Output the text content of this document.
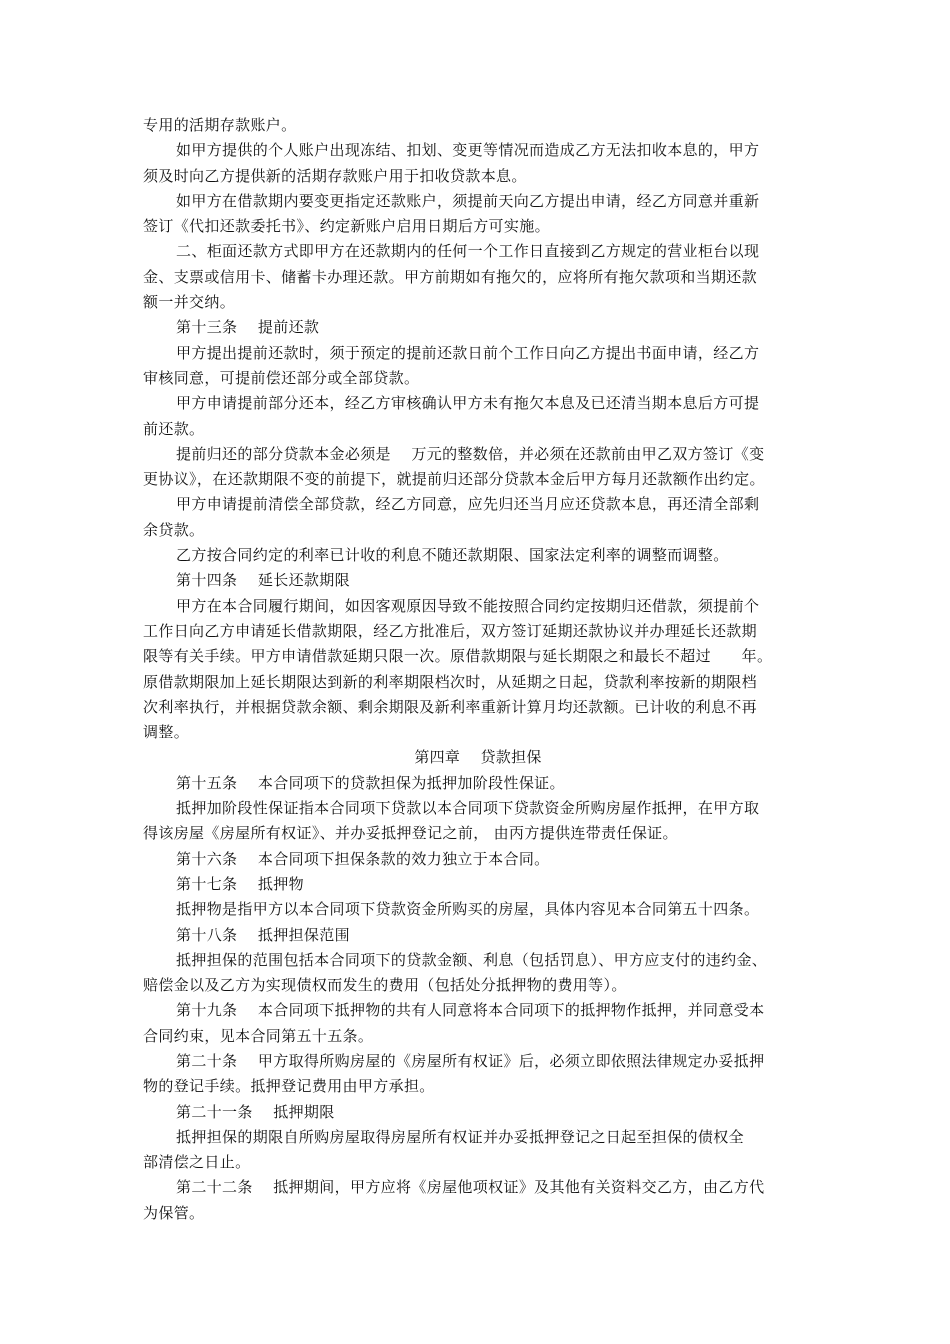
专用的活期存款账户。
如甲方提供的个人账户出现冻结、扣划、变更等情况而造成乙方无法扣收本息的，甲方
须及时向乙方提供新的活期存款账户用于扣收贷款本息。
如甲方在借款期内要变更指定还款账户，须提前天向乙方提出申请，经乙方同意并重新
签订《代扣还款委托书》、约定新账户启用日期后方可实施。
二、柜面还款方式即甲方在还款期内的任何一个工作日直接到乙方规定的营业柜台以现
金、支票或信用卡、储蓄卡办理还款。甲方前期如有拖欠的，应将所有拖欠款项和当期还款
额一并交纳。
第十三条    提前还款
甲方提出提前还款时，须于预定的提前还款日前个工作日向乙方提出书面申请，经乙方
审核同意，可提前偿还部分或全部贷款。
甲方申请提前部分还本，经乙方审核确认甲方未有拖欠本息及已还清当期本息后方可提
前还款。
提前归还的部分贷款本金必须是    万元的整数倍，并必须在还款前由甲乙双方签订《变
更协议》，在还款期限不变的前提下，就提前归还部分贷款本金后甲方每月还款额作出约定。
甲方申请提前清偿全部贷款，经乙方同意，应先归还当月应还贷款本息，再还清全部剩
余贷款。
乙方按合同约定的利率已计收的利息不随还款期限、国家法定利率的调整而调整。
第十四条    延长还款期限
甲方在本合同履行期间，如因客观原因导致不能按照合同约定按期归还借款，须提前个
工作日向乙方申请延长借款期限，经乙方批准后，双方签订延期还款协议并办理延长还款期
限等有关手续。甲方申请借款延期只限一次。原借款期限与延长期限之和最长不超过      年。
原借款期限加上延长期限达到新的利率期限档次时，从延期之日起，贷款利率按新的期限档
次利率执行，并根据贷款余额、剩余期限及新利率重新计算月均还款额。已计收的利息不再
调整。
第四章    贷款担保
第十五条    本合同项下的贷款担保为抵押加阶段性保证。
抵押加阶段性保证指本合同项下贷款以本合同项下贷款资金所购房屋作抵押，在甲方取
得该房屋《房屋所有权证》、并办妥抵押登记之前， 由丙方提供连带责任保证。
第十六条    本合同项下担保条款的效力独立于本合同。
第十七条    抵押物
抵押物是指甲方以本合同项下贷款资金所购买的房屋，具体内容见本合同第五十四条。
第十八条    抵押担保范围
抵押担保的范围包括本合同项下的贷款金额、利息（包括罚息）、甲方应支付的违约金、
赔偿金以及乙方为实现债权而发生的费用（包括处分抵押物的费用等）。
第十九条    本合同项下抵押物的共有人同意将本合同项下的抵押物作抵押，并同意受本
合同约束，见本合同第五十五条。
第二十条    甲方取得所购房屋的《房屋所有权证》后，必须立即依照法律规定办妥抵押
物的登记手续。抵押登记费用由甲方承担。
第二十一条    抵押期限
抵押担保的期限自所购房屋取得房屋所有权证并办妥抵押登记之日起至担保的债权全
部清偿之日止。
第二十二条    抵押期间，甲方应将《房屋他项权证》及其他有关资料交乙方，由乙方代
为保管。
